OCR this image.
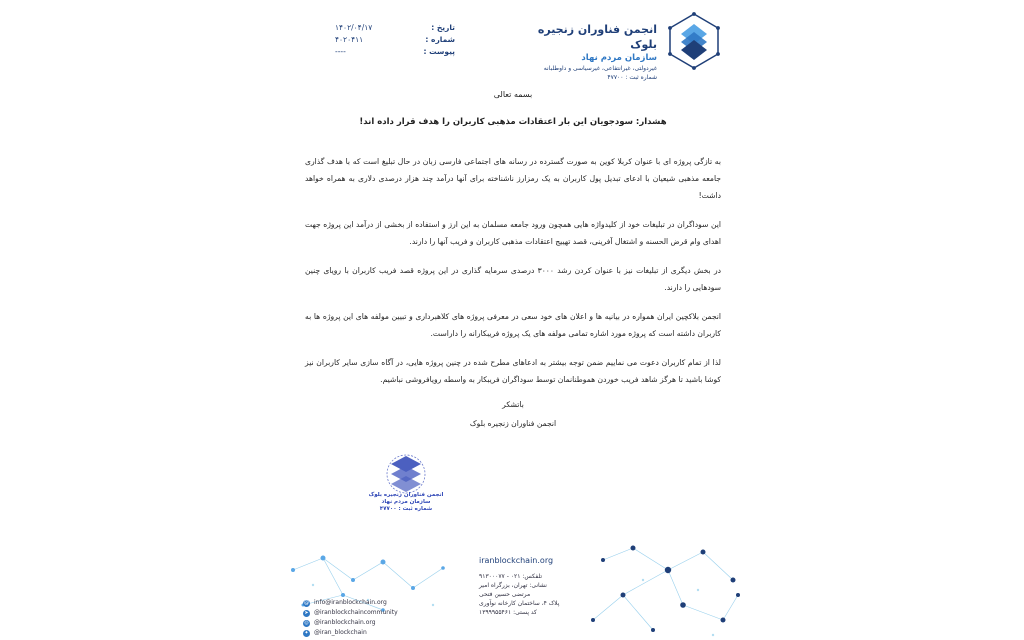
تاریخ :
۱۴۰۲/۰۴/۱۷
شماره :
۴۰۲۰۴۱۱
پیوست :
----
انجمن فناوران زنجیره بلوک
سازمان مردم نهاد
غیردولتی، غیرانتفاعی، غیرسیاسی و داوطلبانه
شماره ثبت : ۴۷۷۰۰
بسمه تعالی
هشدار: سودجویان این بار اعتقادات مذهبی کاربران را هدف قرار داده اند!
به تازگی پروژه ای با عنوان کربلا کوین به صورت گسترده در رسانه های اجتماعی فارسی زبان در حال تبلیغ است که با هدف گذاری جامعه مذهبی شیعیان با ادعای تبدیل پول کاربران به یک رمزارز ناشناخته برای آنها درآمد چند هزار درصدی دلاری به همراه خواهد داشت!
این سوداگران در تبلیغات خود از کلیدواژه هایی همچون ورود جامعه مسلمان به این ارز و استفاده از بخشی از درآمد این پروژه جهت اهدای وام قرض الحسنه و اشتغال آفرینی، قصد تهییج اعتقادات مذهبی کاربران و فریب آنها را دارند.
در بخش دیگری از تبلیغات نیز با عنوان کردن رشد ۳۰۰۰ درصدی سرمایه گذاری در این پروژه قصد فریب کاربران با رویای چنین سودهایی را دارند.
انجمن بلاکچین ایران همواره در بیانیه ها و اعلان های خود سعی در معرفی پروژه های کلاهبرداری و تبیین مولفه های این پروژه ها به کاربران داشته است که پروژه مورد اشاره تمامی مولفه های یک پروژه فریبکارانه را داراست.
لذا از تمام کاربران دعوت می نماییم ضمن توجه بیشتر به ادعاهای مطرح شده در چنین پروژه هایی، در آگاه سازی سایر کاربران نیز کوشا باشید تا هرگز شاهد فریب خوردن هموطنانمان توسط سوداگران فریبکار به واسطه رویافروشی نباشیم.
باتشکر
انجمن فناوران زنجیره بلوک
انجمن فناوران زنجیره بلوک
سازمان مردم نهاد
شماره ثبت : ۴۷۷۰۰
iranblockchain.org
تلفکس: ۰۲۱ - ۹۱۳۰۰۰۷۷
نشانی: تهران، بزرگراه امیر
مرتضی حسین فتحی
پلاک ۴، ساختمان کارخانه نوآوری
کد پستی: ۱۳۹۹۹۵۵۴۶۱
@ info@iranblockchain.org
➤ @iranblockchaincommunity
◎ @iranblockchain.org
✦ @iran_blockchain
